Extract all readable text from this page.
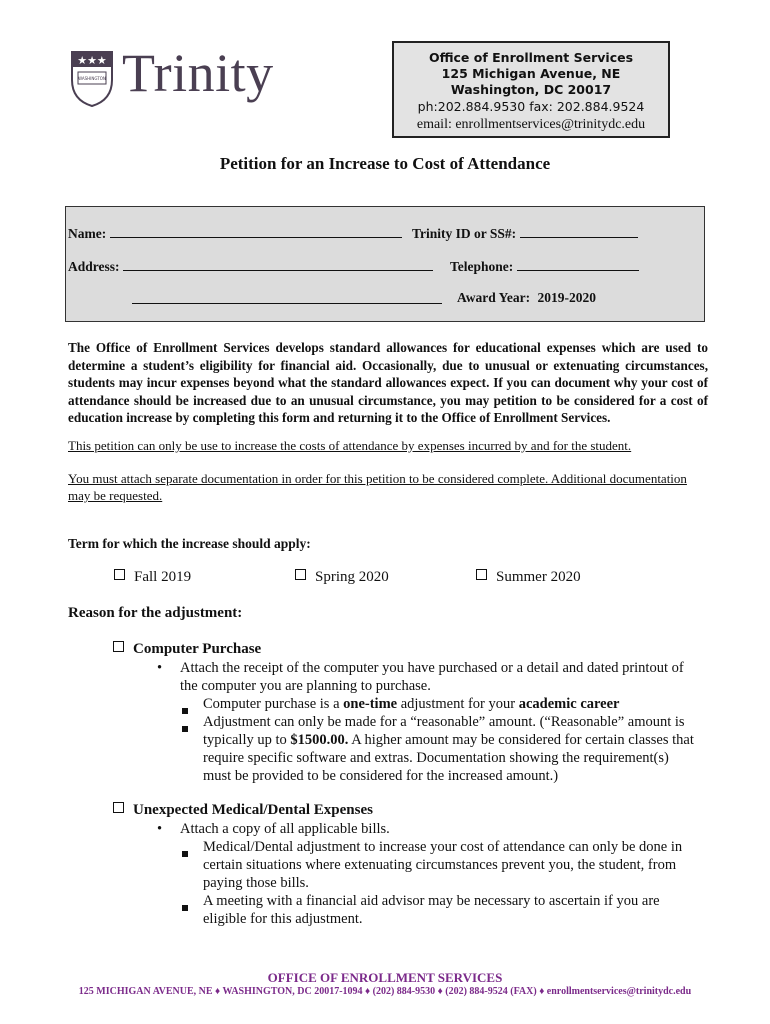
★★★
WASHINGTON Trinity	Office of Enrollment Services
125 Michigan Avenue, NE
Washington, DC 20017
ph:202.884.9530 fax: 202.884.9524
email: enrollmentservices@trinitydc.edu
Petition for an Increase to Cost of Attendance
Name:	Trinity ID or SS#:
Address:	Telephone:
Award Year: 2019-2020
The Office of Enrollment Services develops standard allowances for educational expenses which are used to determine a student’s eligibility for financial aid. Occasionally, due to unusual or extenuating circumstances, students may incur expenses beyond what the standard allowances expect. If you can document why your cost of attendance should be increased due to an unusual circumstance, you may petition to be considered for a cost of education increase by completing this form and returning it to the Office of Enrollment Services.
This petition can only be use to increase the costs of attendance by expenses incurred by and for the student.
You must attach separate documentation in order for this petition to be considered complete. Additional documentation may be requested.
Term for which the increase should apply:
Fall 2019	Spring 2020	Summer 2020
Reason for the adjustment:
Computer Purchase
• Attach the receipt of the computer you have purchased or a detail and dated printout of the computer you are planning to purchase.
Computer purchase is a one-time adjustment for your academic career
Adjustment can only be made for a “reasonable” amount. (“Reasonable” amount is typically up to $1500.00. A higher amount may be considered for certain classes that require specific software and extras. Documentation showing the requirement(s) must be provided to be considered for the increased amount.)
Unexpected Medical/Dental Expenses
• Attach a copy of all applicable bills.
Medical/Dental adjustment to increase your cost of attendance can only be done in certain situations where extenuating circumstances prevent you, the student, from paying those bills.
A meeting with a financial aid advisor may be necessary to ascertain if you are eligible for this adjustment.
OFFICE OF ENROLLMENT SERVICES
125 MICHIGAN AVENUE, NE ♦ WASHINGTON, DC 20017-1094 ♦ (202) 884-9530 ♦ (202) 884-9524 (FAX) ♦ enrollmentservices@trinitydc.edu
